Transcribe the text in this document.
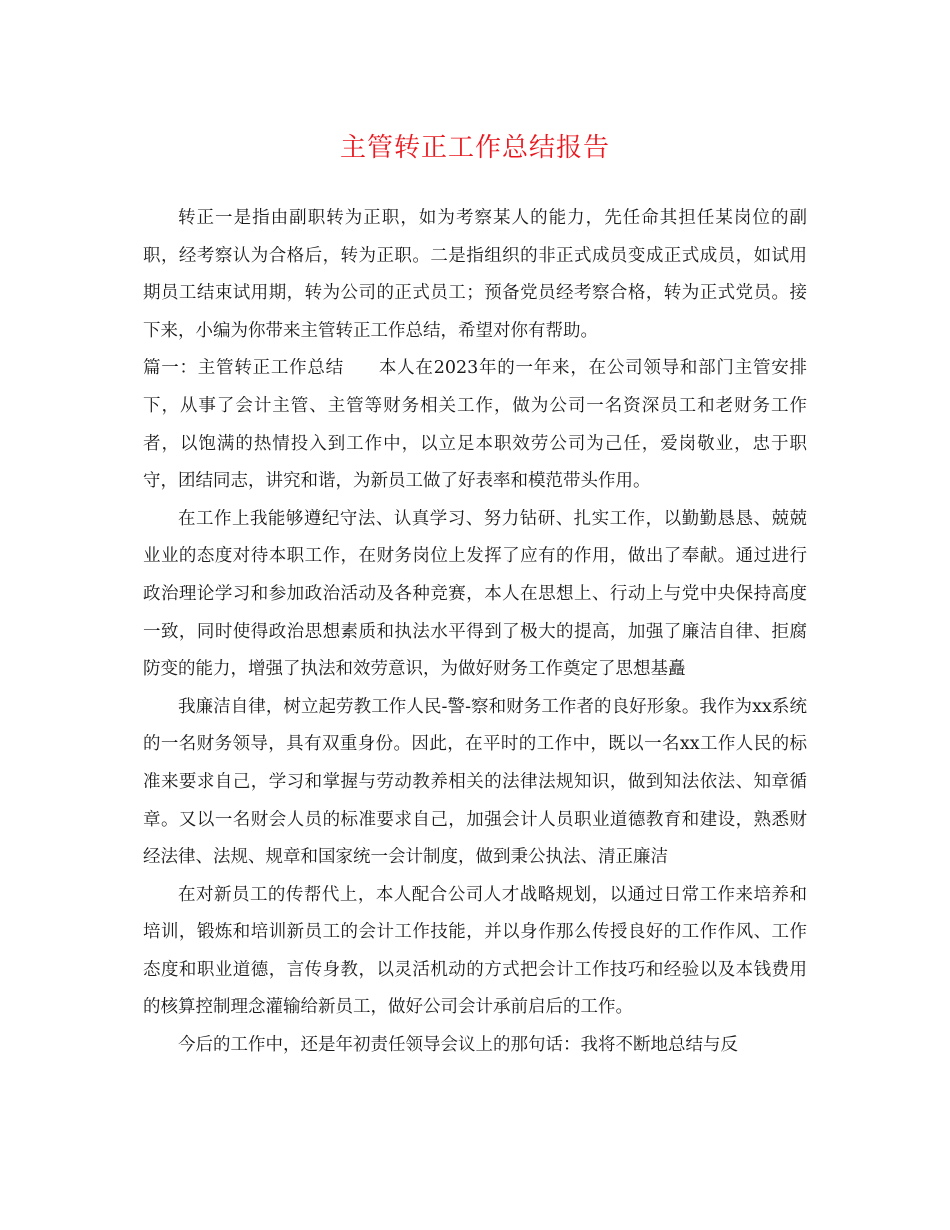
主管转正工作总结报告

转正一是指由副职转为正职，如为考察某人的能力，先任命其担任某岗位的副职，经考察认为合格后，转为正职。二是指组织的非正式成员变成正式成员，如试用期员工结束试用期，转为公司的正式员工；预备党员经考察合格，转为正式党员。接下来，小编为你带来主管转正工作总结，希望对你有帮助。

篇一：主管转正工作总结 本人在2023年的一年来，在公司领导和部门主管安排下，从事了会计主管、主管等财务相关工作，做为公司一名资深员工和老财务工作者，以饱满的热情投入到工作中，以立足本职效劳公司为己任，爱岗敬业，忠于职守，团结同志，讲究和谐，为新员工做了好表率和模范带头作用。

在工作上我能够遵纪守法、认真学习、努力钻研、扎实工作，以勤勤恳恳、兢兢业业的态度对待本职工作，在财务岗位上发挥了应有的作用，做出了奉献。通过进行政治理论学习和参加政治活动及各种竞赛，本人在思想上、行动上与党中央保持高度一致，同时使得政治思想素质和执法水平得到了极大的提高，加强了廉洁自律、拒腐防变的能力，增强了执法和效劳意识，为做好财务工作奠定了思想基矗

我廉洁自律，树立起劳教工作人民-警-察和财务工作者的良好形象。我作为xx系统的一名财务领导，具有双重身份。因此，在平时的工作中，既以一名xx工作人民的标准来要求自己，学习和掌握与劳动教养相关的法律法规知识，做到知法依法、知章循章。又以一名财会人员的标准要求自己，加强会计人员职业道德教育和建设，熟悉财经法律、法规、规章和国家统一会计制度，做到秉公执法、清正廉洁

在对新员工的传帮代上，本人配合公司人才战略规划，以通过日常工作来培养和培训，锻炼和培训新员工的会计工作技能，并以身作那么传授良好的工作作风、工作态度和职业道德，言传身教，以灵活机动的方式把会计工作技巧和经验以及本钱费用的核算控制理念灌输给新员工，做好公司会计承前启后的工作。

今后的工作中，还是年初责任领导会议上的那句话：我将不断地总结与反
